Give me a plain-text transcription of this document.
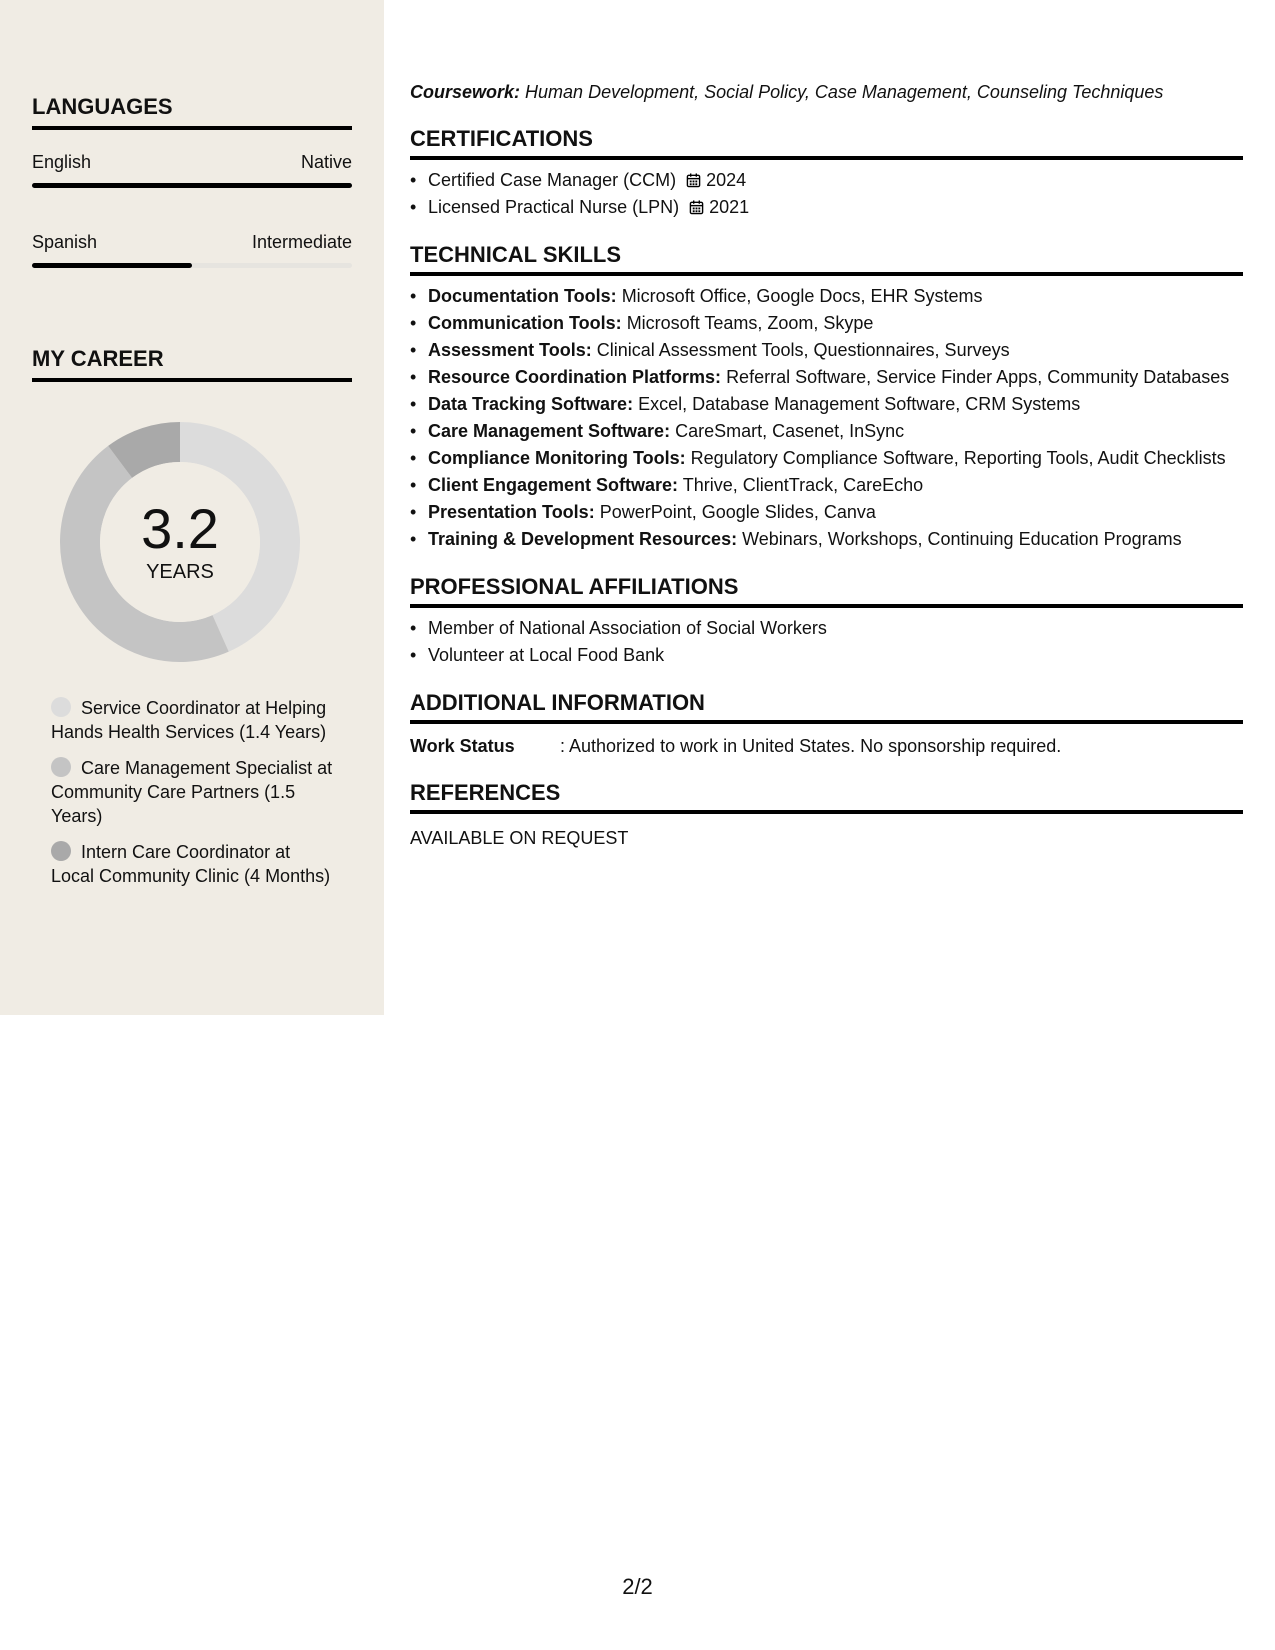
LANGUAGES
English	Native
Spanish	Intermediate
MY CAREER
3.2
YEARS
Service Coordinator at Helping Hands Health Services (1.4 Years)
Care Management Specialist at Community Care Partners (1.5 Years)
Intern Care Coordinator at Local Community Clinic (4 Months)

Coursework: Human Development, Social Policy, Case Management, Counseling Techniques

CERTIFICATIONS
• Certified Case Manager (CCM) 2024
• Licensed Practical Nurse (LPN) 2021
TECHNICAL SKILLS
• Documentation Tools: Microsoft Office, Google Docs, EHR Systems
• Communication Tools: Microsoft Teams, Zoom, Skype
• Assessment Tools: Clinical Assessment Tools, Questionnaires, Surveys
• Resource Coordination Platforms: Referral Software, Service Finder Apps, Community Databases
• Data Tracking Software: Excel, Database Management Software, CRM Systems
• Care Management Software: CareSmart, Casenet, InSync
• Compliance Monitoring Tools: Regulatory Compliance Software, Reporting Tools, Audit Checklists
• Client Engagement Software: Thrive, ClientTrack, CareEcho
• Presentation Tools: PowerPoint, Google Slides, Canva
• Training & Development Resources: Webinars, Workshops, Continuing Education Programs
PROFESSIONAL AFFILIATIONS
• Member of National Association of Social Workers
• Volunteer at Local Food Bank
ADDITIONAL INFORMATION
Work Status	: Authorized to work in United States. No sponsorship required.
REFERENCES
AVAILABLE ON REQUEST
2/2
